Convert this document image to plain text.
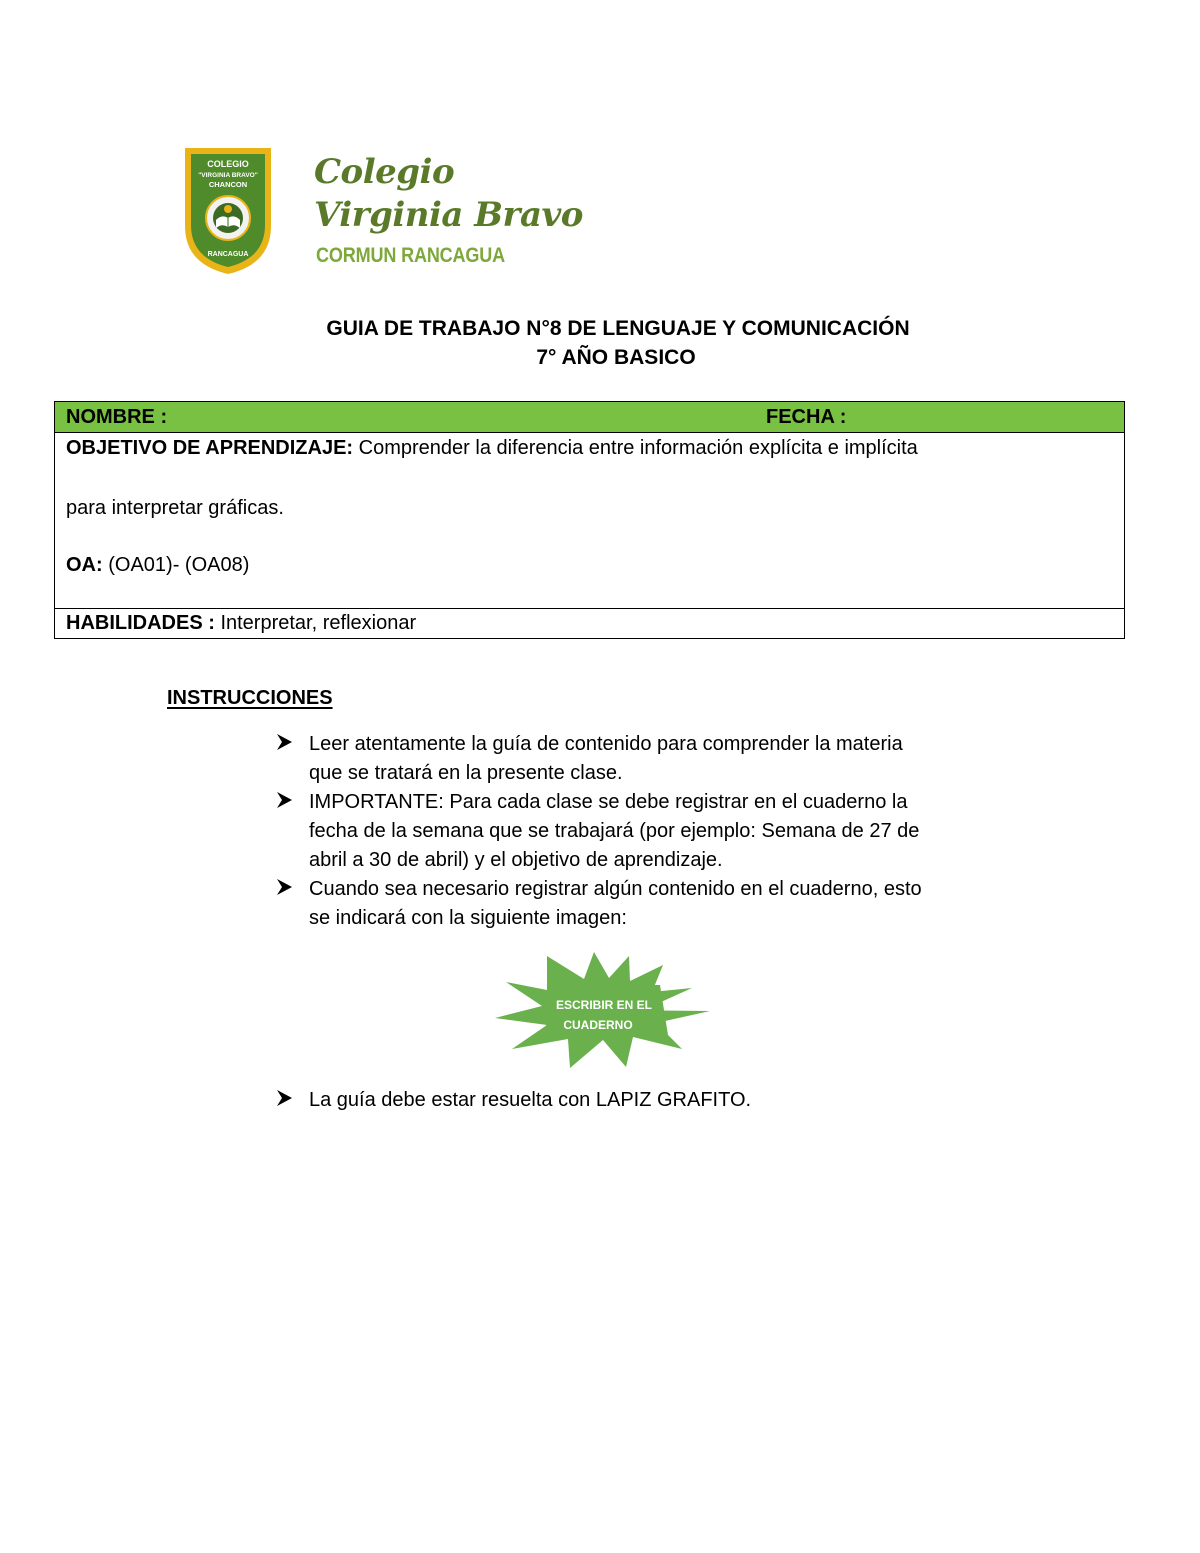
COLEGIO
"VIRGINIA BRAVO"
CHANCON
RANCAGUA
Colegio
Virginia Bravo
CORMUN RANCAGUA
GUIA DE TRABAJO N°8 DE LENGUAJE Y COMUNICACIÓN
7° AÑO BASICO
NOMBRE :	FECHA :
OBJETIVO DE APRENDIZAJE: Comprender la diferencia entre información explícita e implícita
para interpretar gráficas.
OA: (OA01)- (OA08)
HABILIDADES : Interpretar, reflexionar
INSTRUCCIONES
Leer atentamente la guía de contenido para comprender la materia
que se tratará en la presente clase.
IMPORTANTE: Para cada clase se debe registrar en el cuaderno la
fecha de la semana que se trabajará (por ejemplo: Semana de 27 de
abril a 30 de abril) y el objetivo de aprendizaje.
Cuando sea necesario registrar algún contenido en el cuaderno, esto
se indicará con la siguiente imagen:
ESCRIBIR EN EL
CUADERNO
La guía debe estar resuelta con LAPIZ GRAFITO.
